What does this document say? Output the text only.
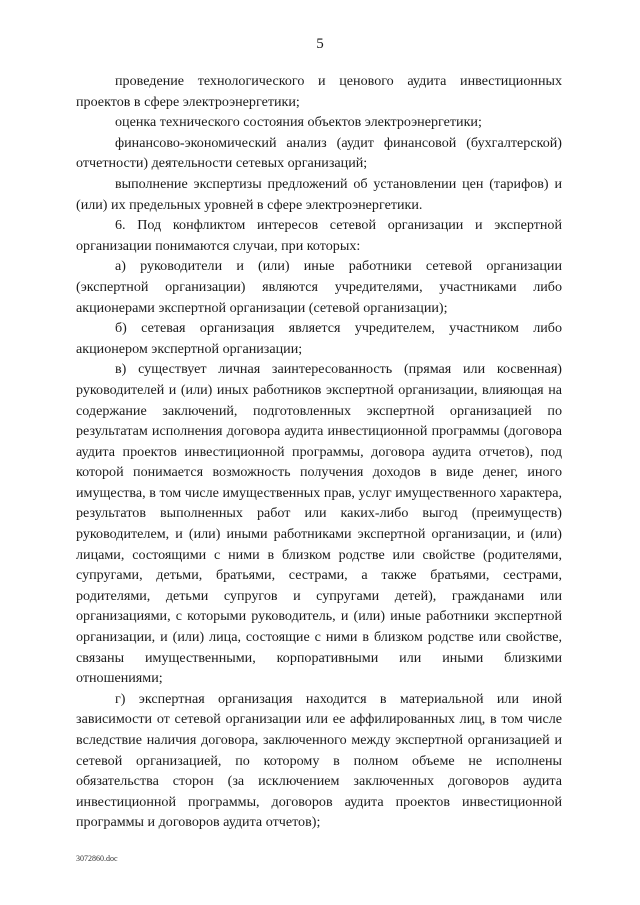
5

проведение технологического и ценового аудита инвестиционных проектов в сфере электроэнергетики;

оценка технического состояния объектов электроэнергетики;

финансово-экономический анализ (аудит финансовой (бухгалтерской) отчетности) деятельности сетевых организаций;

выполнение экспертизы предложений об установлении цен (тарифов) и (или) их предельных уровней в сфере электроэнергетики.

6. Под конфликтом интересов сетевой организации и экспертной организации понимаются случаи, при которых:

а) руководители и (или) иные работники сетевой организации (экспертной организации) являются учредителями, участниками либо акционерами экспертной организации (сетевой организации);

б) сетевая организация является учредителем, участником либо акционером экспертной организации;

в) существует личная заинтересованность (прямая или косвенная) руководителей и (или) иных работников экспертной организации, влияющая на содержание заключений, подготовленных экспертной организацией по результатам исполнения договора аудита инвестиционной программы (договора аудита проектов инвестиционной программы, договора аудита отчетов), под которой понимается возможность получения доходов в виде денег, иного имущества, в том числе имущественных прав, услуг имущественного характера, результатов выполненных работ или каких-либо выгод (преимуществ) руководителем, и (или) иными работниками экспертной организации, и (или) лицами, состоящими с ними в близком родстве или свойстве (родителями, супругами, детьми, братьями, сестрами, а также братьями, сестрами, родителями, детьми супругов и супругами детей), гражданами или организациями, с которыми руководитель, и (или) иные работники экспертной организации, и (или) лица, состоящие с ними в близком родстве или свойстве, связаны имущественными, корпоративными или иными близкими отношениями;

г) экспертная организация находится в материальной или иной зависимости от сетевой организации или ее аффилированных лиц, в том числе вследствие наличия договора, заключенного между экспертной организацией и сетевой организацией, по которому в полном объеме не исполнены обязательства сторон (за исключением заключенных договоров аудита инвестиционной программы, договоров аудита проектов инвестиционной программы и договоров аудита отчетов);

3072860.doc
